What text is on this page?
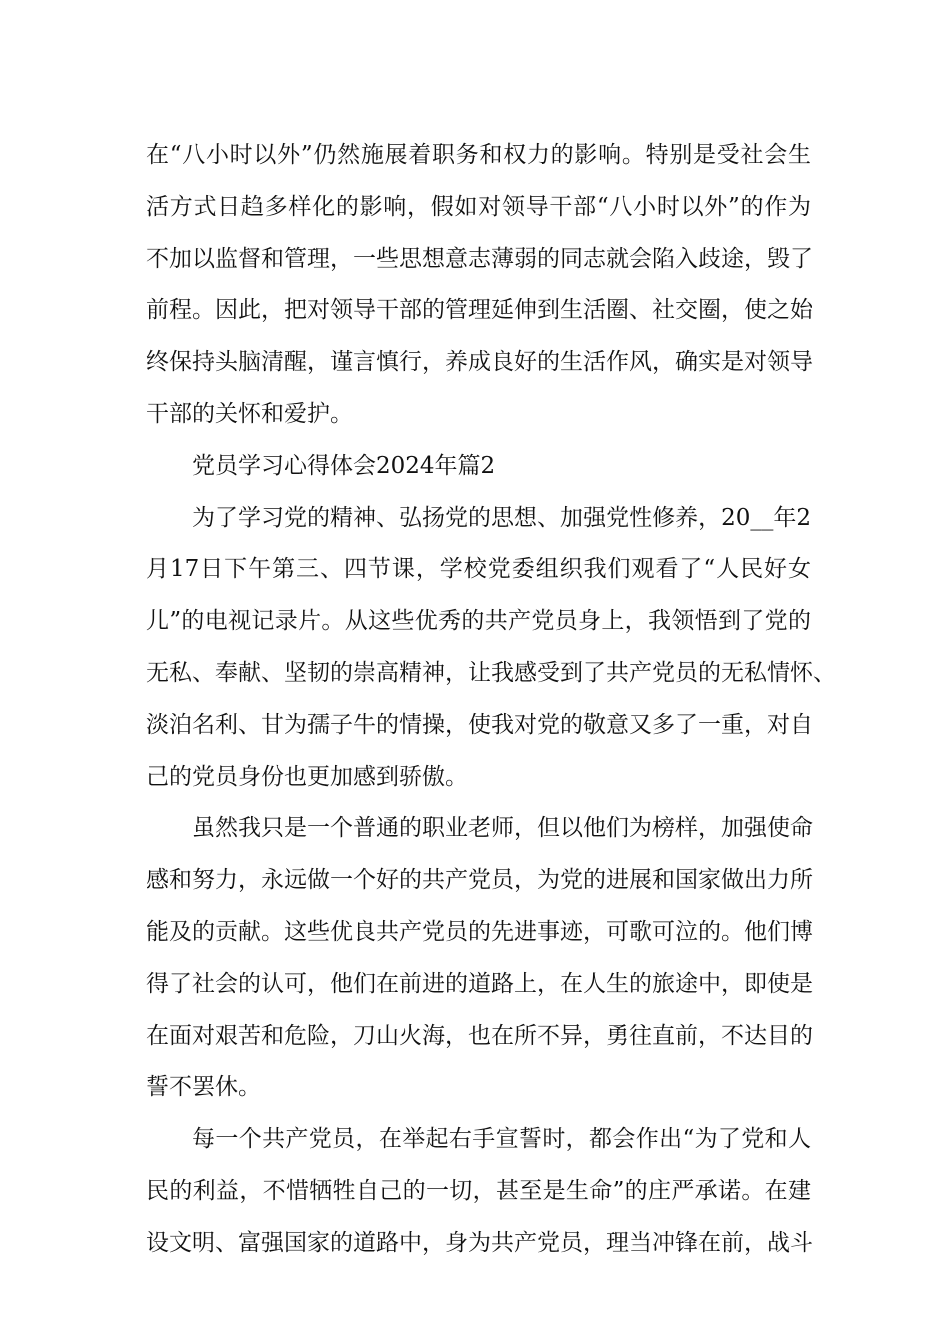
在“八小时以外”仍然施展着职务和权力的影响。特别是受社会生
活方式日趋多样化的影响，假如对领导干部“八小时以外”的作为
不加以监督和管理，一些思想意志薄弱的同志就会陷入歧途，毁了
前程。因此，把对领导干部的管理延伸到生活圈、社交圈，使之始
终保持头脑清醒，谨言慎行，养成良好的生活作风，确实是对领导
干部的关怀和爱护。
党员学习心得体会2024年篇2
为了学习党的精神、弘扬党的思想、加强党性修养，20__年2
月17日下午第三、四节课，学校党委组织我们观看了“人民好女
儿”的电视记录片。从这些优秀的共产党员身上，我领悟到了党的
无私、奉献、坚韧的崇高精神，让我感受到了共产党员的无私情怀、
淡泊名利、甘为孺子牛的情操，使我对党的敬意又多了一重，对自
己的党员身份也更加感到骄傲。
虽然我只是一个普通的职业老师，但以他们为榜样，加强使命
感和努力，永远做一个好的共产党员，为党的进展和国家做出力所
能及的贡献。这些优良共产党员的先进事迹，可歌可泣的。他们博
得了社会的认可，他们在前进的道路上，在人生的旅途中，即使是
在面对艰苦和危险，刀山火海，也在所不异，勇往直前，不达目的
誓不罢休。
每一个共产党员，在举起右手宣誓时，都会作出“为了党和人
民的利益，不惜牺牲自己的一切，甚至是生命”的庄严承诺。在建
设文明、富强国家的道路中，身为共产党员，理当冲锋在前，战斗
